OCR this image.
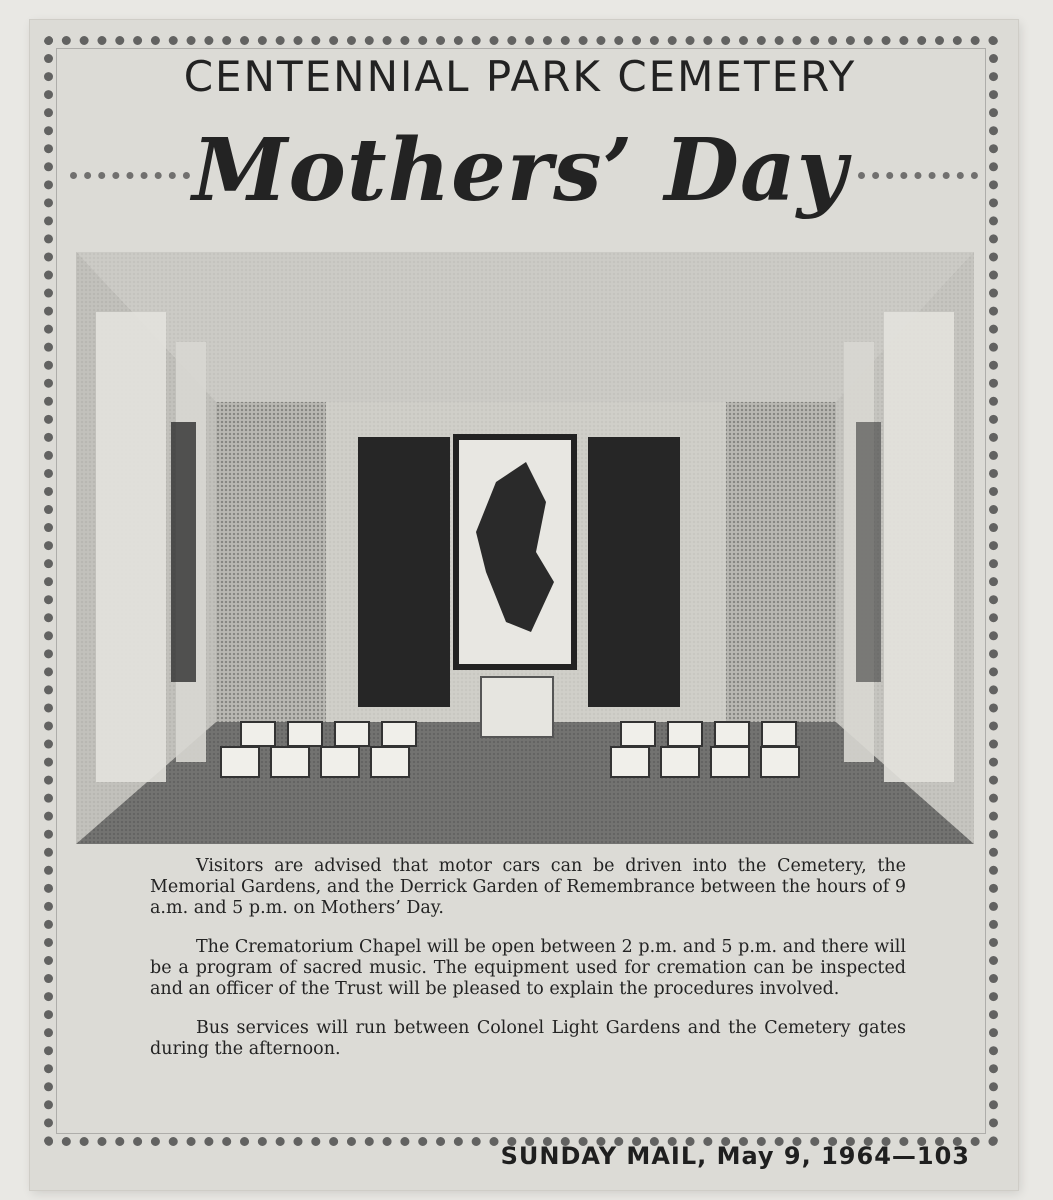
CENTENNIAL PARK CEMETERY
Mothers’ Day

Visitors are advised that motor cars can be driven into the Cemetery, the Memorial Gardens, and the Derrick Garden of Remembrance between the hours of 9 a.m. and 5 p.m. on Mothers’ Day.

The Crematorium Chapel will be open between 2 p.m. and 5 p.m. and there will be a program of sacred music. The equipment used for cremation can be inspected and an officer of the Trust will be pleased to explain the procedures involved.

Bus services will run between Colonel Light Gardens and the Cemetery gates during the afternoon.

SUNDAY MAIL, May 9, 1964—103
